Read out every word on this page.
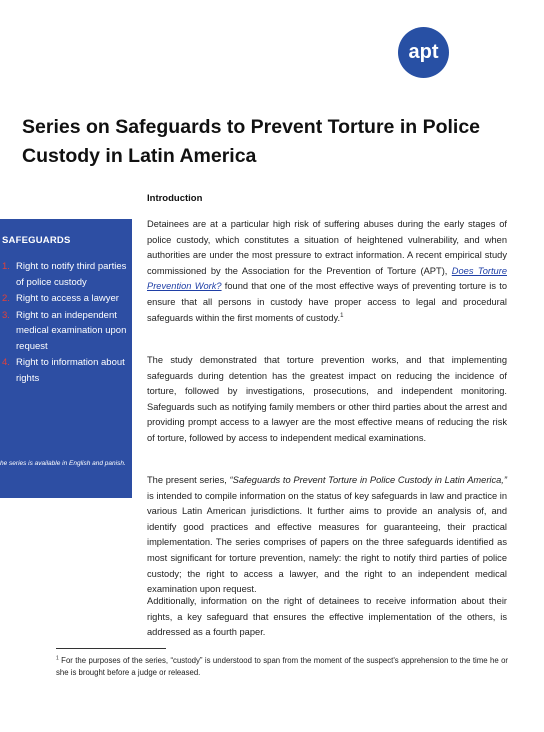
apt
Series on Safeguards to Prevent Torture in Police Custody in Latin America
SAFEGUARDS
1. Right to notify third parties of police custody
2. Right to access a lawyer
3. Right to an independent medical examination upon request
4. Right to information about rights
he series is available in English and panish.
Introduction
Detainees are at a particular high risk of suffering abuses during the early stages of police custody, which constitutes a situation of heightened vulnerability, and when authorities are under the most pressure to extract information. A recent empirical study commissioned by the Association for the Prevention of Torture (APT), Does Torture Prevention Work? found that one of the most effective ways of preventing torture is to ensure that all persons in custody have proper access to legal and procedural safeguards within the first moments of custody.$^1$
The study demonstrated that torture prevention works, and that implementing safeguards during detention has the greatest impact on reducing the incidence of torture, followed by investigations, prosecutions, and independent monitoring. Safeguards such as notifying family members or other third parties about the arrest and providing prompt access to a lawyer are the most effective means of reducing the risk of torture, followed by access to independent medical examinations.
The present series, “Safeguards to Prevent Torture in Police Custody in Latin America,” is intended to compile information on the status of key safeguards in law and practice in various Latin American jurisdictions. It further aims to provide an analysis of, and identify good practices and effective measures for guaranteeing, their practical implementation. The series comprises of papers on the three safeguards identified as most significant for torture prevention, namely: the right to notify third parties of police custody; the right to access a lawyer, and the right to an independent medical examination upon request.
Additionally, information on the right of detainees to receive information about their rights, a key safeguard that ensures the effective implementation of the others, is addressed as a fourth paper.
$^1$ For the purposes of the series, “custody” is understood to span from the moment of the suspect's apprehension to the time he or she is brought before a judge or released.
